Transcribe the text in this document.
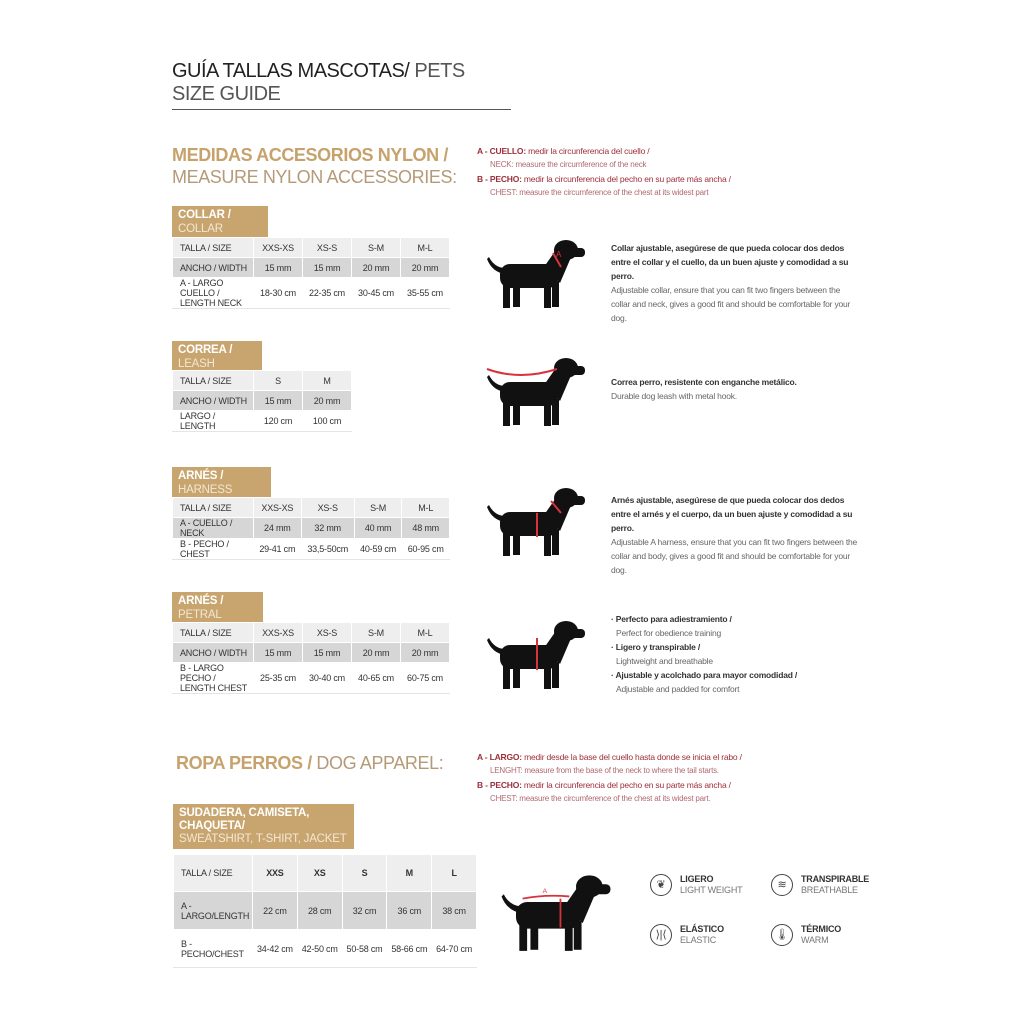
GUÍA TALLAS MASCOTAS/ PETS SIZE GUIDE
MEDIDAS ACCESORIOS NYLON /
MEASURE NYLON ACCESSORIES:
A - CUELLO: medir la circunferencia del cuello /
NECK: measure the circumference of the neck
B - PECHO: medir la circunferencia del pecho en su parte más ancha /
CHEST: measure the circumference of the chest at its widest part
COLLAR / COLLAR
TALLA / SIZE	XXS-XS	XS-S	S-M	M-L
ANCHO / WIDTH	15 mm	15 mm	20 mm	20 mm
A - LARGO CUELLO / LENGTH NECK	18-30 cm	22-35 cm	30-45 cm	35-55 cm
A
Collar ajustable, asegúrese de que pueda colocar dos dedos entre el collar y el cuello, da un buen ajuste y comodidad a su perro.
Adjustable collar, ensure that you can fit two fingers between the collar and neck, gives a good fit and should be comfortable for your dog.
CORREA / LEASH
TALLA / SIZE	S	M
ANCHO / WIDTH	15 mm	20 mm
LARGO / LENGTH	120 cm	100 cm
Correa perro, resistente con enganche metálico.
Durable dog leash with metal hook.
ARNÉS / HARNESS
TALLA / SIZE	XXS-XS	XS-S	S-M	M-L
A - CUELLO / NECK	24 mm	32 mm	40 mm	48 mm
B - PECHO / CHEST	29-41 cm	33,5-50cm	40-59 cm	60-95 cm
Arnés ajustable, asegúrese de que pueda colocar dos dedos entre el arnés y el cuerpo, da un buen ajuste y comodidad a su perro.
Adjustable A harness, ensure that you can fit two fingers between the collar and body, gives a good fit and should be comfortable for your dog.
ARNÉS / PETRAL
TALLA / SIZE	XXS-XS	XS-S	S-M	M-L
ANCHO / WIDTH	15 mm	15 mm	20 mm	20 mm
B - LARGO PECHO / LENGTH CHEST	25-35 cm	30-40 cm	40-65 cm	60-75 cm
· Perfecto para adiestramiento /
Perfect for obedience training
· Ligero y transpirable /
Lightweight and breathable
· Ajustable y acolchado para mayor comodidad /
Adjustable and padded for comfort
ROPA PERROS / DOG APPAREL:	A - LARGO: medir desde la base del cuello hasta donde se inicia el rabo /
LENGHT: measure from the base of the neck to where the tail starts.
B - PECHO: medir la circunferencia del pecho en su parte más ancha /
CHEST: measure the circumference of the chest at its widest part.
SUDADERA, CAMISETA, CHAQUETA/
SWEATSHIRT, T-SHIRT, JACKET
TALLA / SIZE	XXS	XS	S	M	L
A -LARGO/LENGTH	22 cm	28 cm	32 cm	36 cm	38 cm
B - PECHO/CHEST	34-42 cm	42-50 cm	50-58 cm	58-66 cm	64-70 cm
A
❦	LIGERO
LIGHT WEIGHT	≋	TRANSPIRABLE
BREATHABLE
⟩|⟨	ELÁSTICO
ELASTIC	🌡	TÉRMICO
WARM
